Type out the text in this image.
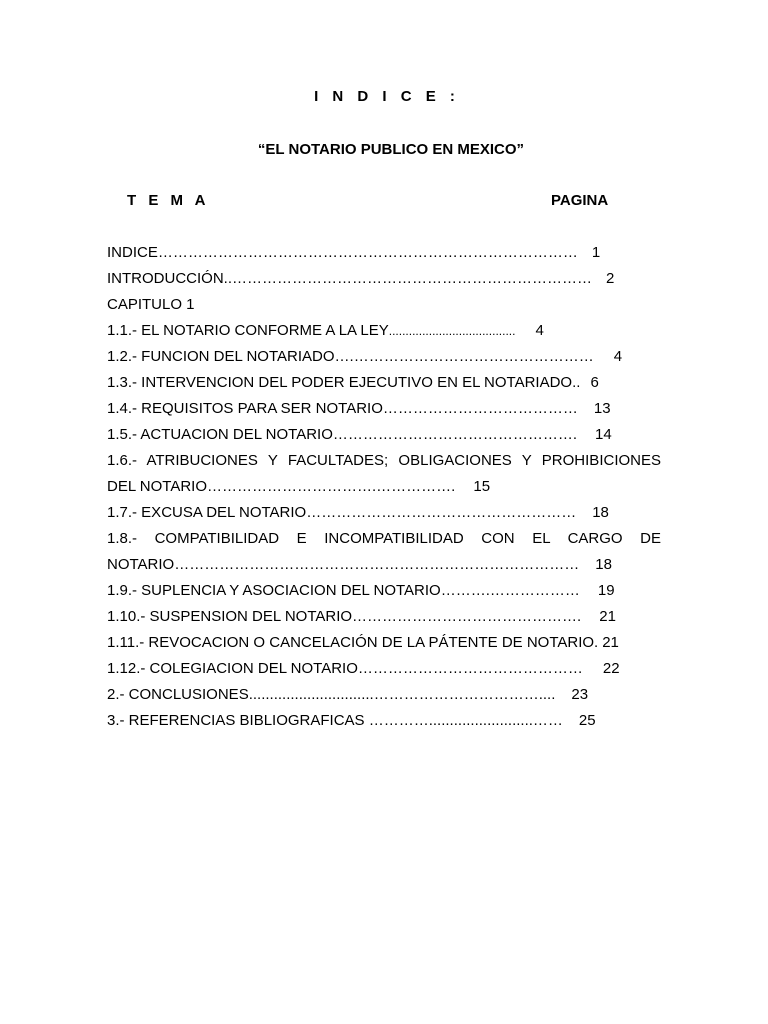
I N D I C E :
“EL NOTARIO PUBLICO EN MEXICO”
T E M A	PAGINA
INDICE………………………………………………………………………… 1
INTRODUCCIÓN..……………………………………………………………… 2
CAPITULO 1
1.1.- EL NOTARIO CONFORME A LA LEY...................................... 4
1.2.- FUNCION DEL NOTARIADO….………………………………………… 4
1.3.- INTERVENCION DEL PODER EJECUTIVO EN EL NOTARIADO.. 6
1.4.- REQUISITOS PARA SER NOTARIO………………………………… 13
1.5.- ACTUACION DEL NOTARIO…………………………………………. 14
1.6.- ATRIBUCIONES Y FACULTADES; OBLIGACIONES Y PROHIBICIONES
DEL NOTARIO…………………………….……………. 15
1.7.- EXCUSA DEL NOTARIO……………………………………………… 18
1.8.- COMPATIBILIDAD E INCOMPATIBILIDAD CON EL CARGO DE
NOTARIO……………………………………………………………………… 18
1.9.- SUPLENCIA Y ASOCIACION DEL NOTARIO……….……………… 19
1.10.- SUSPENSION DEL NOTARIO………………………………………. 21
1.11.- REVOCACION O CANCELACIÓN DE LA PÁTENTE DE NOTARIO. 21
1.12.- COLEGIACION DEL NOTARIO……………………………………… 22
2.- CONCLUSIONES..............................…………………………….... 23
3.- REFERENCIAS BIBLIOGRAFICAS ………….........................…… 25
